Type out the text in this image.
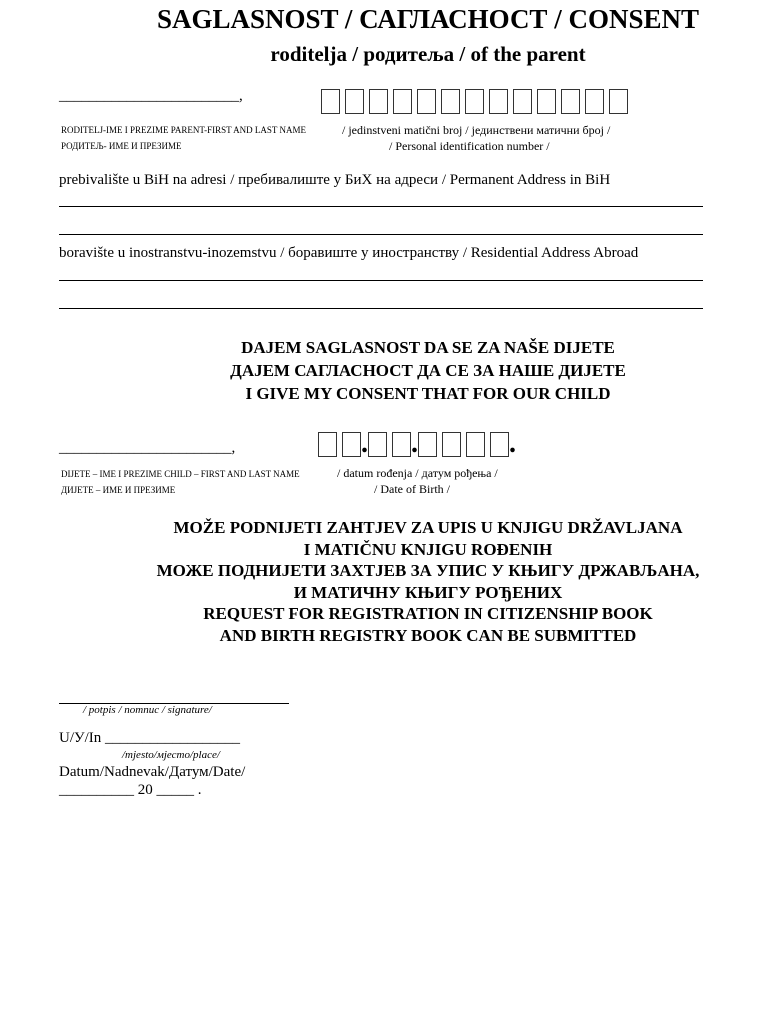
SAGLASNOST / САГЛАСНОСТ / CONSENT
roditelja / родитеља / of the parent
________________________,
RODITELJ-IME I PREZIME PARENT-FIRST AND LAST NAME
РОДИТЕЉ- ИМЕ И ПРЕЗИМЕ
/ jedinstveni matični broj / јединствени матични број /
/ Personal identification number /
prebivalište u BiH na adresi / пребивалиште у БиХ на адреси / Permanent Address in BiH
boravište u inostranstvu-inozemstvu / боравиште у иностранству / Residential Address Abroad
DAJEM SAGLASNOST DA SE ZA NAŠE DIJETE
ДАЈЕМ САГЛАСНОСТ ДА СЕ ЗА НАШЕ ДИЈЕТЕ
I GIVE MY CONSENT THAT FOR OUR CHILD
_______________________,	. .	.
DIJETE – IME I PREZIME CHILD – FIRST AND LAST NAME
ДИЈЕТЕ – ИМЕ И ПРЕЗИМЕ
/ datum rođenja / датум рођења /
/ Date of Birth /
MOŽE PODNIJETI ZAHTJEV ZA UPIS U KNJIGU DRŽAVLJANA
I MATIČNU KNJIGU ROĐENIH
МОЖЕ ПОДНИЈЕТИ ЗАХТЈЕВ ЗА УПИС У КЊИГУ ДРЖАВЉАНА,
И МАТИЧНУ КЊИГУ РОЂЕНИХ
REQUEST FOR REGISTRATION IN CITIZENSHIP BOOK
AND BIRTH REGISTRY BOOK CAN BE SUBMITTED
/ potpis / потпис / signature/
U/У/In __________________
/mjesto/мјесто/place/
Datum/Nadnevak/Датум/Date/
__________ 20 _____ .
